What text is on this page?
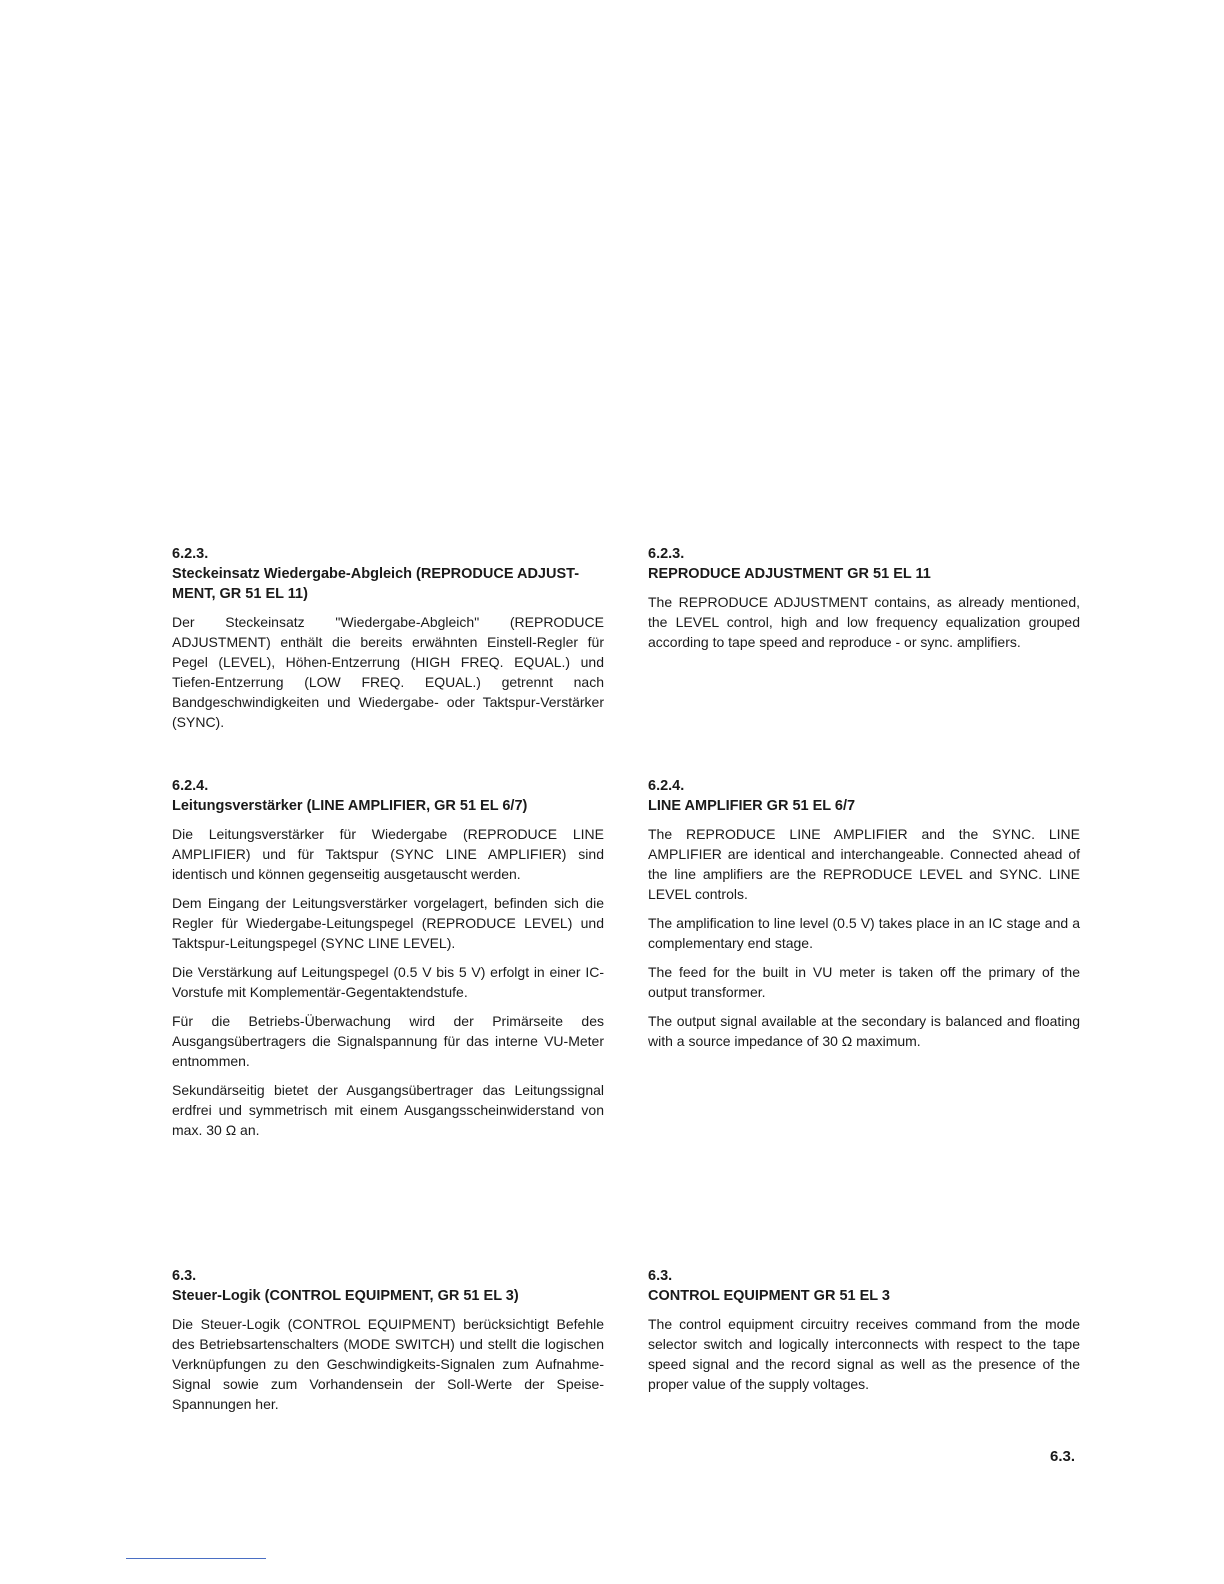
6.2.3.

Steckeinsatz Wiedergabe-Abgleich (REPRODUCE ADJUST-MENT, GR 51 EL 11)

Der Steckeinsatz "Wiedergabe-Abgleich" (REPRODUCE ADJUSTMENT) enthält die bereits erwähnten Einstell-Regler für Pegel (LEVEL), Höhen-Entzerrung (HIGH FREQ. EQUAL.) und Tiefen-Entzerrung (LOW FREQ. EQUAL.) getrennt nach Bandgeschwindigkeiten und Wiedergabe- oder Taktspur-Verstärker (SYNC).

6.2.3.

REPRODUCE ADJUSTMENT GR 51 EL 11

The REPRODUCE ADJUSTMENT contains, as already mentioned, the LEVEL control, high and low frequency equalization grouped according to tape speed and reproduce - or sync. amplifiers.

6.2.4.

Leitungsverstärker (LINE AMPLIFIER, GR 51 EL 6/7)

Die Leitungsverstärker für Wiedergabe (REPRODUCE LINE AMPLIFIER) und für Taktspur (SYNC LINE AMPLIFIER) sind identisch und können gegenseitig ausgetauscht werden.

Dem Eingang der Leitungsverstärker vorgelagert, befinden sich die Regler für Wiedergabe-Leitungspegel (REPRODUCE LEVEL) und Taktspur-Leitungspegel (SYNC LINE LEVEL).

Die Verstärkung auf Leitungspegel (0.5 V bis 5 V) erfolgt in einer IC-Vorstufe mit Komplementär-Gegentaktendstufe.

Für die Betriebs-Überwachung wird der Primärseite des Ausgangsübertragers die Signalspannung für das interne VU-Meter entnommen.

Sekundärseitig bietet der Ausgangsübertrager das Leitungssignal erdfrei und symmetrisch mit einem Ausgangsscheinwiderstand von max. 30 Ω an.

6.2.4.

LINE AMPLIFIER GR 51 EL 6/7

The REPRODUCE LINE AMPLIFIER and the SYNC. LINE AMPLIFIER are identical and interchangeable. Connected ahead of the line amplifiers are the REPRODUCE LEVEL and SYNC. LINE LEVEL controls.

The amplification to line level (0.5 V) takes place in an IC stage and a complementary end stage.

The feed for the built in VU meter is taken off the primary of the output transformer.

The output signal available at the secondary is balanced and floating with a source impedance of 30 Ω maximum.

6.3.

Steuer-Logik (CONTROL EQUIPMENT, GR 51 EL 3)

Die Steuer-Logik (CONTROL EQUIPMENT) berücksichtigt Befehle des Betriebsartenschalters (MODE SWITCH) und stellt die logischen Verknüpfungen zu den Geschwindigkeits-Signalen zum Aufnahme-Signal sowie zum Vorhandensein der Soll-Werte der Speise-Spannungen her.

6.3.

CONTROL EQUIPMENT GR 51 EL 3

The control equipment circuitry receives command from the mode selector switch and logically interconnects with respect to the tape speed signal and the record signal as well as the presence of the proper value of the supply voltages.

6.3.
